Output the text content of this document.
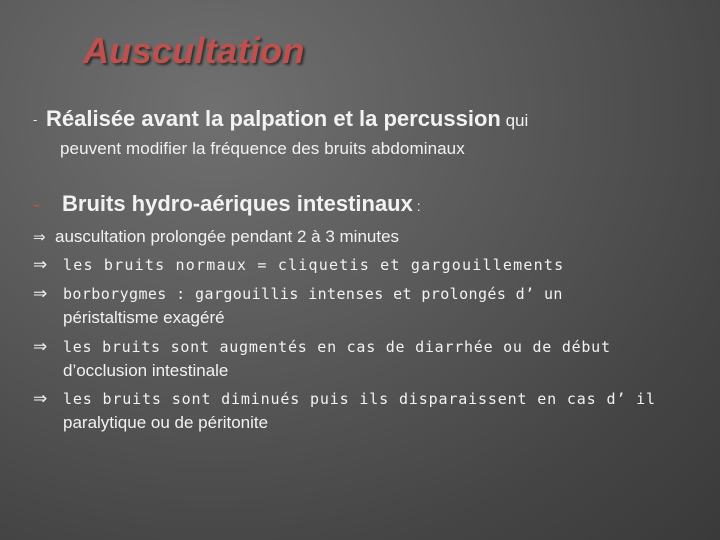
Auscultation
- Réalisée avant la palpation et la percussion qui
peuvent modifier la fréquence des bruits abdominaux
- Bruits hydro-aériques intestinaux :
⇒ auscultation prolongée pendant 2 à 3 minutes
⇒ les bruits normaux = cliquetis et gargouillements
⇒ borborygmes : gargouillis intenses et prolongés d’ un
péristaltisme exagéré
⇒ les bruits sont augmentés en cas de diarrhée ou de début
d’occlusion intestinale
⇒ les bruits sont diminués puis ils disparaissent en cas d’ il
paralytique ou de péritonite
